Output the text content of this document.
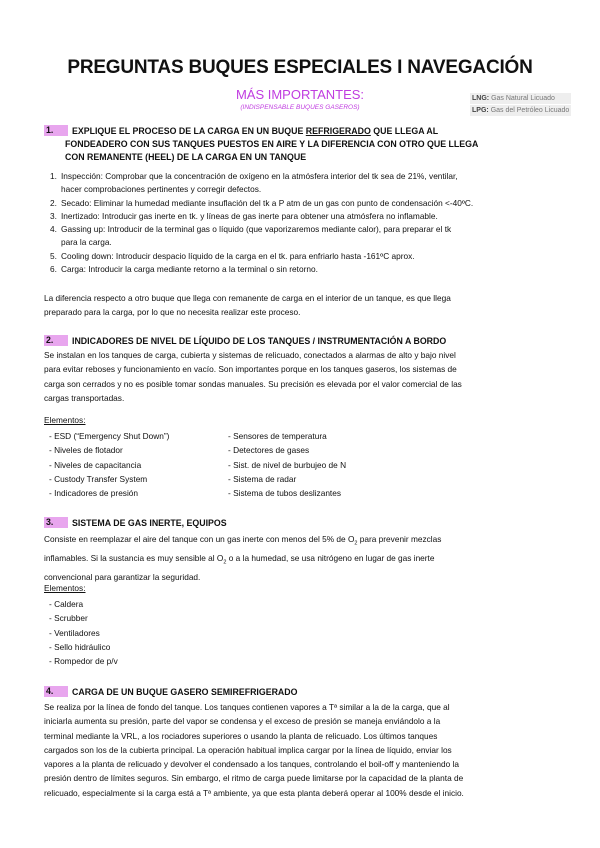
PREGUNTAS BUQUES ESPECIALES I NAVEGACIÓN
MÁS IMPORTANTES:
(INDISPENSABLE BUQUES GASEROS)
LNG: Gas Natural Licuado
LPG: Gas del Petróleo Licuado
1. EXPLIQUE EL PROCESO DE LA CARGA EN UN BUQUE REFRIGERADO QUE LLEGA AL
FONDEADERO CON SUS TANQUES PUESTOS EN AIRE Y LA DIFERENCIA CON OTRO QUE LLEGA
CON REMANENTE (HEEL) DE LA CARGA EN UN TANQUE
1. Inspección: Comprobar que la concentración de oxígeno en la atmósfera interior del tk sea de 21%, ventilar,
hacer comprobaciones pertinentes y corregir defectos.
2. Secado: Eliminar la humedad mediante insuflación del tk a P atm de un gas con punto de condensación <-40ºC.
3. Inertizado: Introducir gas inerte en tk. y líneas de gas inerte para obtener una atmósfera no inflamable.
4. Gassing up: Introducir de la terminal gas o líquido (que vaporizaremos mediante calor), para preparar el tk
para la carga.
5. Cooling down: Introducir despacio líquido de la carga en el tk. para enfriarlo hasta -161ºC aprox.
6. Carga: Introducir la carga mediante retorno a la terminal o sin retorno.
La diferencia respecto a otro buque que llega con remanente de carga en el interior de un tanque, es que llega
preparado para la carga, por lo que no necesita realizar este proceso.
2. INDICADORES DE NIVEL DE LÍQUIDO DE LOS TANQUES / INSTRUMENTACIÓN A BORDO
Se instalan en los tanques de carga, cubierta y sistemas de relicuado, conectados a alarmas de alto y bajo nivel
para evitar reboses y funcionamiento en vacío. Son importantes porque en los tanques gaseros, los sistemas de
carga son cerrados y no es posible tomar sondas manuales. Su precisión es elevada por el valor comercial de las
cargas transportadas.
Elementos:
- ESD (“Emergency Shut Down”)
- Niveles de flotador
- Niveles de capacitancia
- Custody Transfer System
- Indicadores de presión
- Sensores de temperatura
- Detectores de gases
- Sist. de nivel de burbujeo de N
- Sistema de radar
- Sistema de tubos deslizantes
3. SISTEMA DE GAS INERTE, EQUIPOS
Consiste en reemplazar el aire del tanque con un gas inerte con menos del 5% de $O_2$ para prevenir mezclas
inflamables. Si la sustancia es muy sensible al $O_2$ o a la humedad, se usa nitrógeno en lugar de gas inerte
convencional para garantizar la seguridad.
Elementos:
- Caldera
- Scrubber
- Ventiladores
- Sello hidráulico
- Rompedor de p/v
4. CARGA DE UN BUQUE GASERO SEMIREFRIGERADO
Se realiza por la línea de fondo del tanque. Los tanques contienen vapores a Tª similar a la de la carga, que al
iniciarla aumenta su presión, parte del vapor se condensa y el exceso de presión se maneja enviándolo a la
terminal mediante la VRL, a los rociadores superiores o usando la planta de relicuado. Los últimos tanques
cargados son los de la cubierta principal. La operación habitual implica cargar por la línea de líquido, enviar los
vapores a la planta de relicuado y devolver el condensado a los tanques, controlando el boil-off y manteniendo la
presión dentro de límites seguros. Sin embargo, el ritmo de carga puede limitarse por la capacidad de la planta de
relicuado, especialmente si la carga está a Tª ambiente, ya que esta planta deberá operar al 100% desde el inicio.
